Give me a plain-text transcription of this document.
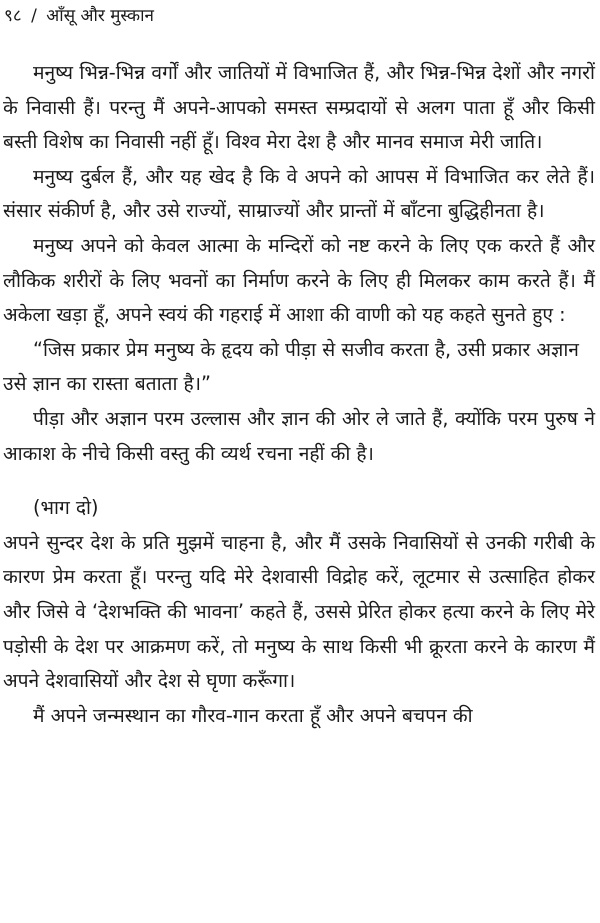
९८ / आँसू और मुस्कान

मनुष्य भिन्न-भिन्न वर्गों और जातियों में विभाजित हैं, और भिन्न-भिन्न देशों और नगरों के निवासी हैं। परन्तु मैं अपने-आपको समस्त सम्प्रदायों से अलग पाता हूँ और किसी बस्ती विशेष का निवासी नहीं हूँ। विश्व मेरा देश है और मानव समाज मेरी जाति।

मनुष्य दुर्बल हैं, और यह खेद है कि वे अपने को आपस में विभाजित कर लेते हैं। संसार संकीर्ण है, और उसे राज्यों, साम्राज्यों और प्रान्तों में बाँटना बुद्धिहीनता है।

मनुष्य अपने को केवल आत्मा के मन्दिरों को नष्ट करने के लिए एक करते हैं और लौकिक शरीरों के लिए भवनों का निर्माण करने के लिए ही मिलकर काम करते हैं। मैं अकेला खड़ा हूँ, अपने स्वयं की गहराई में आशा की वाणी को यह कहते सुनते हुए :

“जिस प्रकार प्रेम मनुष्य के हृदय को पीड़ा से सजीव करता है, उसी प्रकार अज्ञान उसे ज्ञान का रास्ता बताता है।”

पीड़ा और अज्ञान परम उल्लास और ज्ञान की ओर ले जाते हैं, क्योंकि परम पुरुष ने आकाश के नीचे किसी वस्तु की व्यर्थ रचना नहीं की है।

(भाग दो)

अपने सुन्दर देश के प्रति मुझमें चाहना है, और मैं उसके निवासियों से उनकी गरीबी के कारण प्रेम करता हूँ। परन्तु यदि मेरे देशवासी विद्रोह करें, लूटमार से उत्साहित होकर और जिसे वे ‘देशभक्ति की भावना’ कहते हैं, उससे प्रेरित होकर हत्या करने के लिए मेरे पड़ोसी के देश पर आक्रमण करें, तो मनुष्य के साथ किसी भी क्रूरता करने के कारण मैं अपने देशवासियों और देश से घृणा करूँगा।

मैं अपने जन्मस्थान का गौरव-गान करता हूँ और अपने बचपन की
